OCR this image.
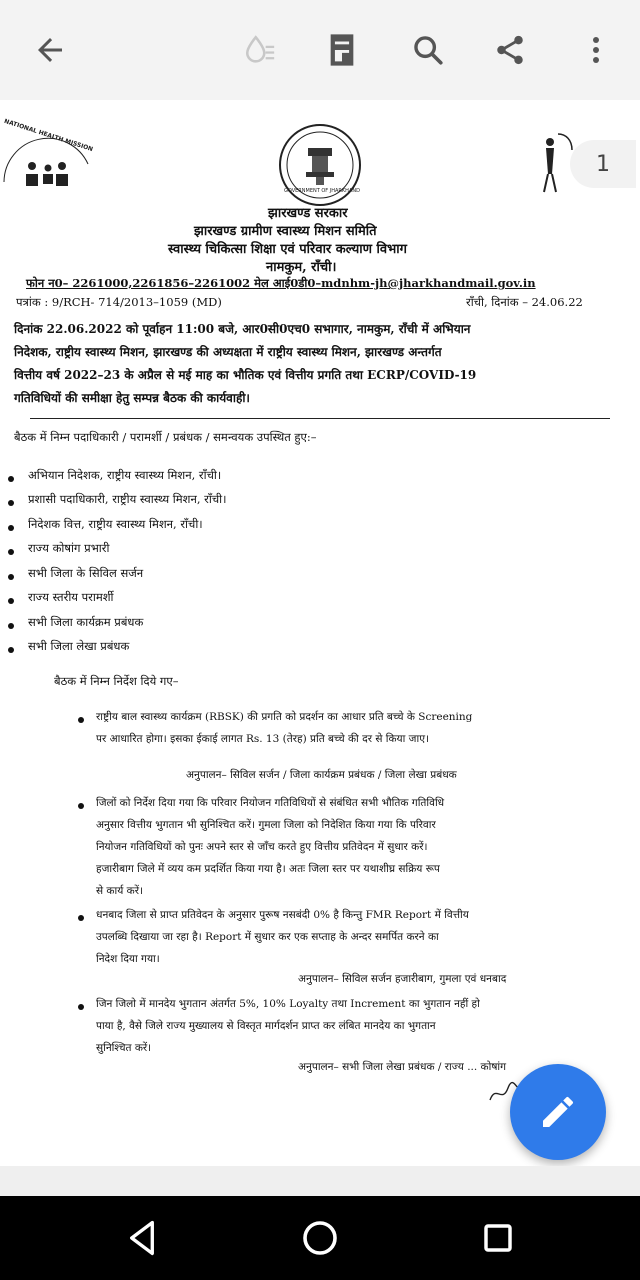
NATIONAL HEALTH MISSION
GOVERNMENT OF JHARKHAND
झारखण्ड सरकार
झारखण्ड ग्रामीण स्वास्थ्य मिशन समिति
स्वास्थ्य चिकित्सा शिक्षा एवं परिवार कल्याण विभाग
नामकुम, रॉंची।
फोन न0– 2261000,2261856–2261002 मेल आई0डी0–mdnhm-jh@jharkhandmail.gov.in
पत्रांक : 9/RCH- 714/2013–1059 (MD)	रॉंची, दिनांक – 24.06.22
दिनांक 22.06.2022 को पूर्वाहन 11:00 बजे, आर0सी0एच0 सभागार, नामकुम, रॉंची में अभियान
निदेशक, राष्ट्रीय स्वास्थ्य मिशन, झारखण्ड की अध्यक्षता में राष्ट्रीय स्वास्थ्य मिशन, झारखण्ड अन्तर्गत
वित्तीय वर्ष 2022–23 के अप्रैल से मई माह का भौतिक एवं वित्तीय प्रगति तथा ECRP/COVID-19
गतिविधियों की समीक्षा हेतु सम्पन्न बैठक की कार्यवाही।
बैठक में निम्न पदाधिकारी / परामर्शी / प्रबंधक / समन्वयक उपस्थित हुए:–
अभियान निदेशक, राष्ट्रीय स्वास्थ्य मिशन, रॉंची।
प्रशासी पदाधिकारी, राष्ट्रीय स्वास्थ्य मिशन, रॉंची।
निदेशक वित्त, राष्ट्रीय स्वास्थ्य मिशन, रॉंची।
राज्य कोषांग प्रभारी
सभी जिला के सिविल सर्जन
राज्य स्तरीय परामर्शी
सभी जिला कार्यक्रम प्रबंधक
सभी जिला लेखा प्रबंधक
बैठक में निम्न निर्देश दिये गए–
राष्ट्रीय बाल स्वास्थ्य कार्यक्रम (RBSK) की प्रगति को प्रदर्शन का आधार प्रति बच्चे के Screening
पर आधारित होगा। इसका ईकाई लागत Rs. 13 (तेरह) प्रति बच्चे की दर से किया जाए।
अनुपालन– सिविल सर्जन / जिला कार्यक्रम प्रबंधक / जिला लेखा प्रबंधक
जिलों को निर्देश दिया गया कि परिवार नियोजन गतिविधियों से संबंधित सभी भौतिक गतिविधि
अनुसार वित्तीय भुगतान भी सुनिश्चित करें। गुमला जिला को निदेशित किया गया कि परिवार
नियोजन गतिविधियों को पुनः अपने स्तर से जाँच करते हुए वित्तीय प्रतिवेदन में सुधार करें।
हजारीबाग जिले में व्यय कम प्रदर्शित किया गया है। अतः जिला स्तर पर यथाशीघ्र सक्रिय रूप
से कार्य करें।
धनबाद जिला से प्राप्त प्रतिवेदन के अनुसार पुरूष नसबंदी 0% है किन्तु FMR Report में वित्तीय
उपलब्धि दिखाया जा रहा है। Report में सुधार कर एक सप्ताह के अन्दर समर्पित करने का
निदेश दिया गया।
अनुपालन– सिविल सर्जन हजारीबाग, गुमला एवं धनबाद
जिन जिलो में मानदेय भुगतान अंतर्गत 5%, 10% Loyalty तथा Increment का भुगतान नहीं हो
पाया है, वैसे जिले राज्य मुख्यालय से विस्तृत मार्गदर्शन प्राप्त कर लंबित मानदेय का भुगतान
सुनिश्चित करें।
अनुपालन– सभी जिला लेखा प्रबंधक / राज्य ... कोषांग
1
